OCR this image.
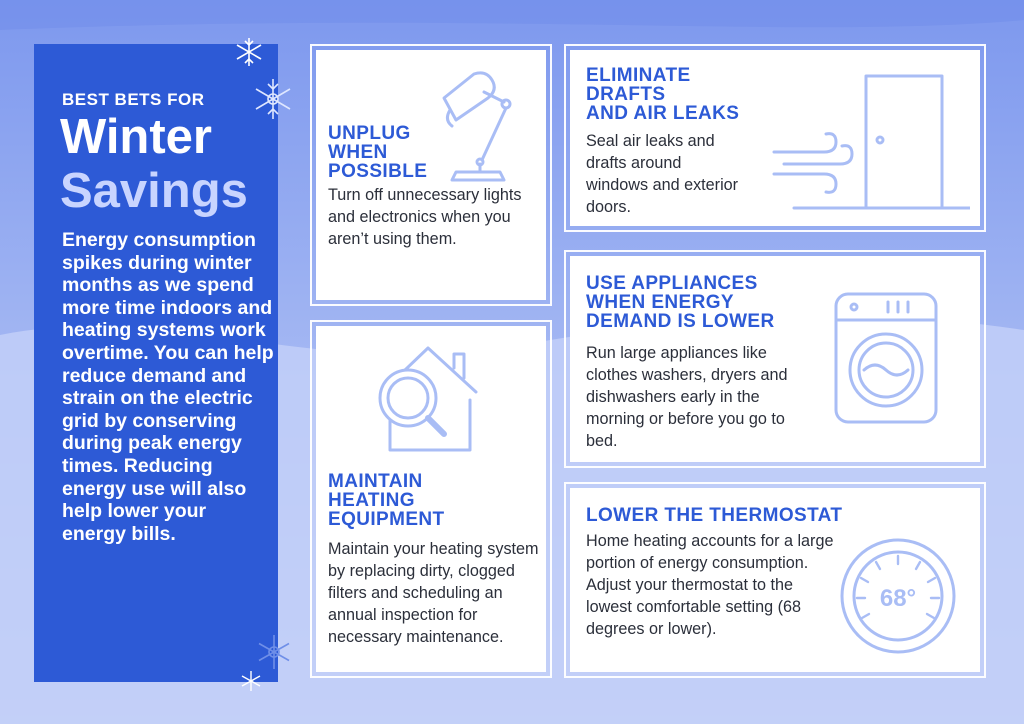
BEST BETS FOR
Winter
Savings
Energy consumption spikes during winter months as we spend more time indoors and heating systems work overtime. You can help reduce demand and strain on the electric grid by conserving during peak energy times. Reducing energy use will also help lower your energy bills.
UNPLUG
WHEN
POSSIBLE
Turn off unnecessary lights and electronics when you aren’t using them.
MAINTAIN
HEATING
EQUIPMENT
Maintain your heating system by replacing dirty, clogged filters and scheduling an annual inspection for necessary maintenance.
ELIMINATE
DRAFTS
AND AIR LEAKS
Seal air leaks and drafts around windows and exterior doors.
USE APPLIANCES
WHEN ENERGY
DEMAND IS LOWER
Run large appliances like clothes washers, dryers and dishwashers early in the morning or before you go to bed.
LOWER THE THERMOSTAT
Home heating accounts for a large portion of energy consumption. Adjust your thermostat to the lowest comfortable setting (68 degrees or lower).
68°
